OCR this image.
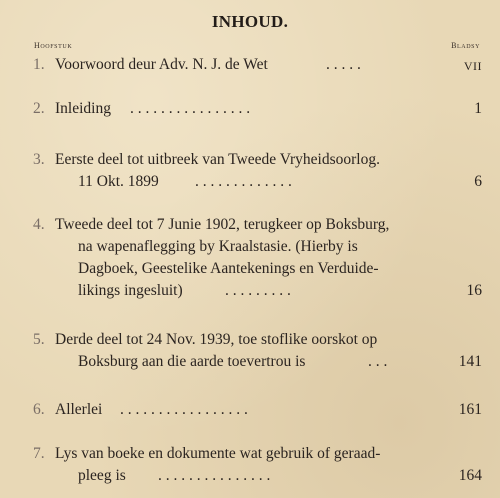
INHOUD.
Hoofstuk	Bladsy
1. Voorwoord deur Adv. N. J. de Wet	. . . . .	VII
2. Inleiding . . . . . . . . . . . . . . . .	1
3. Eerste deel tot uitbreek van Tweede Vryheidsoorlog.
11 Okt. 1899 . . . . . . . . . . . . .	6
4. Tweede deel tot 7 Junie 1902, terugkeer op Boksburg,
na wapenaflegging by Kraalstasie. (Hierby is
Dagboek, Geestelike Aantekenings en Verduide-
likings ingesluit)	. . . . . . . . .	16
5. Derde deel tot 24 Nov. 1939, toe stoflike oorskot op
Boksburg aan die aarde toevertrou is	. . .	141
6. Allerlei . . . . . . . . . . . . . . . . .	161
7. Lys van boeke en dokumente wat gebruik of geraad-
pleeg is . . . . . . . . . . . . . . .	164
